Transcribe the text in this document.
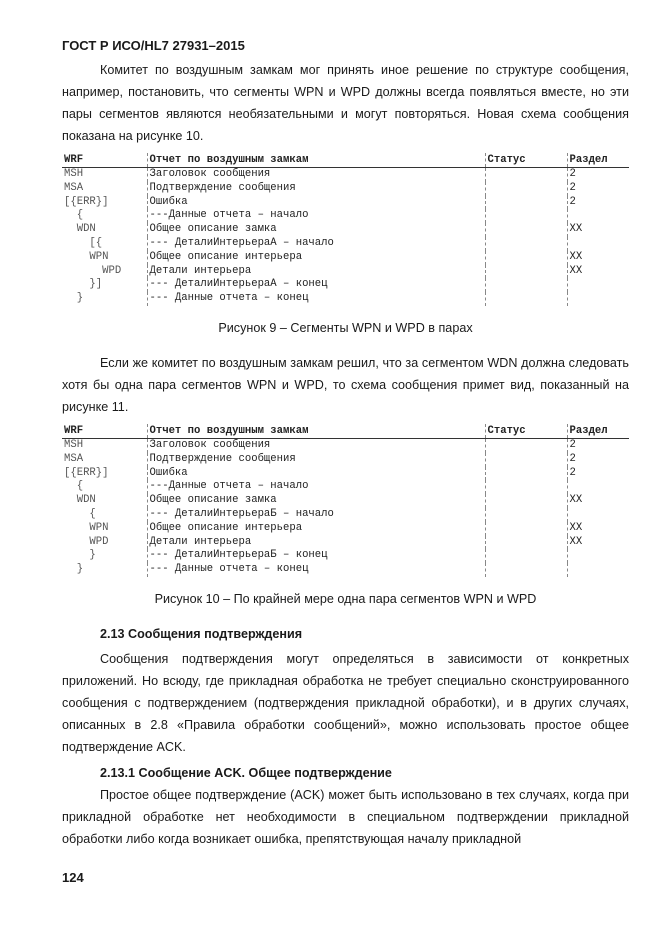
ГОСТ Р ИСО/HL7 27931–2015

Комитет по воздушным замкам мог принять иное решение по структуре сообщения, например, постановить, что сегменты WPN и WPD должны всегда появляться вместе, но эти пары сегментов являются необязательными и могут повторяться. Новая схема сообщения показана на рисунке 10.

WRF	Отчет по воздушным замкам	Статус	Раздел
MSH	Заголовок сообщения		2
MSA	Подтверждение сообщения		2
[{ERR}]	Ошибка		2
{	---Данные отчета – начало		
WDN	Общее описание замка		XX
[{	--- ДеталиИнтерьераА – начало		
WPN	Общее описание интерьера		XX
WPD	Детали интерьера		XX
}]	--- ДеталиИнтерьераА – конец		
}	--- Данные отчета – конец		
Рисунок 9 – Сегменты WPN и WPD в парах

Если же комитет по воздушным замкам решил, что за сегментом WDN должна следовать хотя бы одна пара сегментов WPN и WPD, то схема сообщения примет вид, показанный на рисунке 11.

WRF	Отчет по воздушным замкам	Статус	Раздел
MSH	Заголовок сообщения		2
MSA	Подтверждение сообщения		2
[{ERR}]	Ошибка		2
{	---Данные отчета – начало		
WDN	Общее описание замка		XX
{	--- ДеталиИнтерьераБ – начало		
WPN	Общее описание интерьера		XX
WPD	Детали интерьера		XX
}	--- ДеталиИнтерьераБ – конец		
}	--- Данные отчета – конец		
Рисунок 10 – По крайней мере одна пара сегментов WPN и WPD
2.13 Сообщения подтверждения

Сообщения подтверждения могут определяться в зависимости от конкретных приложений. Но всюду, где прикладная обработка не требует специально сконструированного сообщения с подтверждением (подтверждения прикладной обработки), и в других случаях, описанных в 2.8 «Правила обработки сообщений», можно использовать простое общее подтверждение ACK.

2.13.1 Сообщение ACK. Общее подтверждение

Простое общее подтверждение (ACK) может быть использовано в тех случаях, когда при прикладной обработке нет необходимости в специальном подтверждении прикладной обработки либо когда возникает ошибка, препятствующая началу прикладной

124
